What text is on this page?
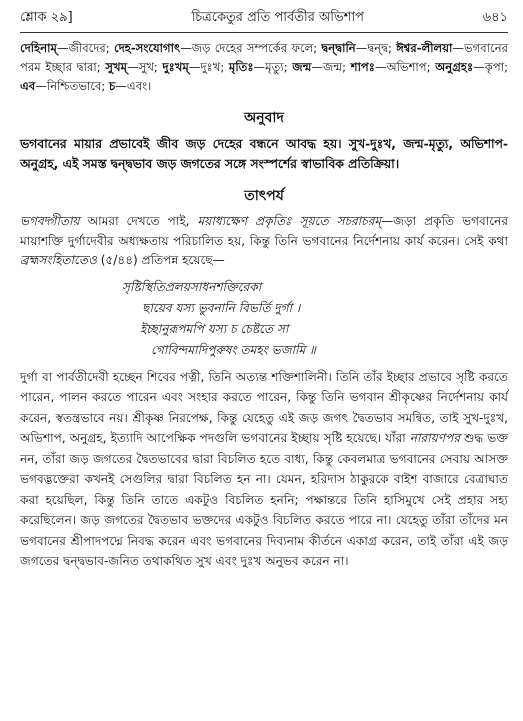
শ্লোক ২৯]	চিত্রকেতুর প্রতি পার্বতীর অভিশাপ	৬৪১
দেহিনাম্—জীবদের; দেহ-সংযোগাৎ—জড় দেহের সম্পর্কের ফলে; দ্বন্দ্বানি—দ্বন্দ্ব; ঈশ্বর-লীলয়া—ভগবানের পরম ইচ্ছার দ্বারা; সুখম্—সুখ; দুঃখম্—দুঃখ; মৃতিঃ—মৃত্যু; জন্ম—জন্ম; শাপঃ—অভিশাপ; অনুগ্রহঃ—কৃপা; এব—নিশ্চিতভাবে; চ—এবং।
অনুবাদ
ভগবানের মায়ার প্রভাবেই জীব জড় দেহের বন্ধনে আবদ্ধ হয়। সুখ-দুঃখ, জন্ম-মৃত্যু, অভিশাপ-অনুগ্রহ, এই সমস্ত দ্বন্দ্বভাব জড় জগতের সঙ্গে সংস্পর্শের স্বাভাবিক প্রতিক্রিয়া।
তাৎপর্য
ভগবদ্গীতায় আমরা দেখতে পাই, ময়াধ্যক্ষেণ প্রকৃতিঃ সূয়তে সচরাচরম্—জড়া প্রকৃতি ভগবানের মায়াশক্তি দুর্গাদেবীর অধ্যক্ষতায় পরিচালিত হয়, কিন্তু তিনি ভগবানের নির্দেশনায় কার্য করেন। সেই কথা ব্রহ্মসংহিতাতেও (৫/৪৪) প্রতিপন্ন হয়েছে—
সৃষ্টিস্থিতিপ্রলয়সাধনশক্তিরেকা
ছায়েব যস্য ভুবনানি বিভর্তি দুর্গা ।
ইচ্ছানুরূপমপি যস্য চ চেষ্টতে সা
গোবিন্দমাদিপুরুষং তমহং ভজামি ॥
দুর্গা বা পার্বতীদেবী হচ্ছেন শিবের পত্নী, তিনি অত্যন্ত শক্তিশালিনী। তিনি তাঁর ইচ্ছার প্রভাবে সৃষ্টি করতে পারেন, পালন করতে পারেন এবং সংহার করতে পারেন, কিন্তু তিনি ভগবান শ্রীকৃষ্ণের নির্দেশনায় কার্য করেন, স্বতন্ত্রভাবে নয়। শ্রীকৃষ্ণ নিরপেক্ষ, কিন্তু যেহেতু এই জড় জগৎ দ্বৈতভাব সমন্বিত, তাই সুখ-দুঃখ, অভিশাপ, অনুগ্রহ, ইত্যাদি আপেক্ষিক পদগুলি ভগবানের ইচ্ছায় সৃষ্টি হয়েছে। যাঁরা নারায়ণপর শুদ্ধ ভক্ত নন, তাঁরা জড় জগতের দ্বৈতভাবের দ্বারা বিচলিত হতে বাধ্য, কিন্তু কেবলমাত্র ভগবানের সেবায় আসক্ত ভগবদ্ভক্তেরা কখনই সেগুলির দ্বারা বিচলিত হন না। যেমন, হরিদাস ঠাকুরকে বাইশ বাজারে বেত্রাঘাত করা হয়েছিল, কিন্তু তিনি তাতে একটুও বিচলিত হননি; পক্ষান্তরে তিনি হাসিমুখে সেই প্রহার সহ্য করেছিলেন। জড় জগতের দ্বৈতভাব ভক্তদের একটুও বিচলিত করতে পারে না। যেহেতু তাঁরা তাঁদের মন ভগবানের শ্রীপাদপদ্মে নিবদ্ধ করেন এবং ভগবানের দিব্যনাম কীর্তনে একাগ্র করেন, তাই তাঁরা এই জড় জগতের দ্বন্দ্বভাব-জনিত তথাকথিত সুখ এবং দুঃখ অনুভব করেন না।
